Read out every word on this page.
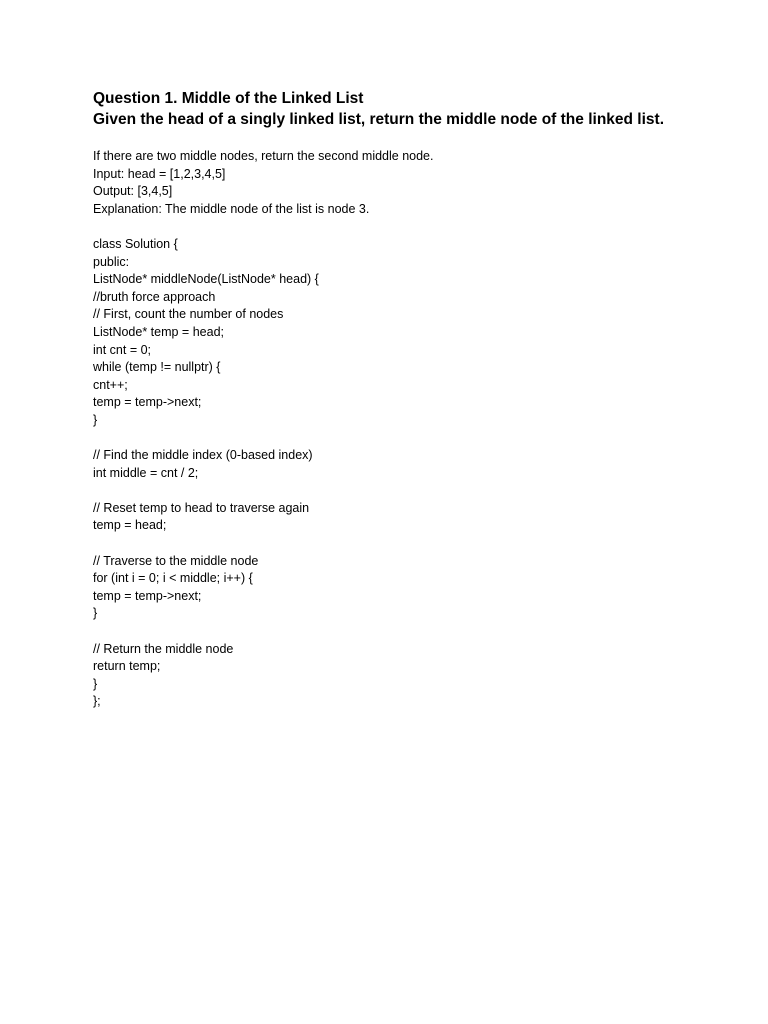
Question 1. Middle of the Linked List
Given the head of a singly linked list, return the middle node of the linked list.
If there are two middle nodes, return the second middle node.
Input: head = [1,2,3,4,5]
Output: [3,4,5]
Explanation: The middle node of the list is node 3.
class Solution {
public:
ListNode* middleNode(ListNode* head) {
//bruth force approach
// First, count the number of nodes
ListNode* temp = head;
int cnt = 0;
while (temp != nullptr) {
cnt++;
temp = temp->next;
}
// Find the middle index (0-based index)
int middle = cnt / 2;
// Reset temp to head to traverse again
temp = head;
// Traverse to the middle node
for (int i = 0; i < middle; i++) {
temp = temp->next;
}
// Return the middle node
return temp;
}
};
